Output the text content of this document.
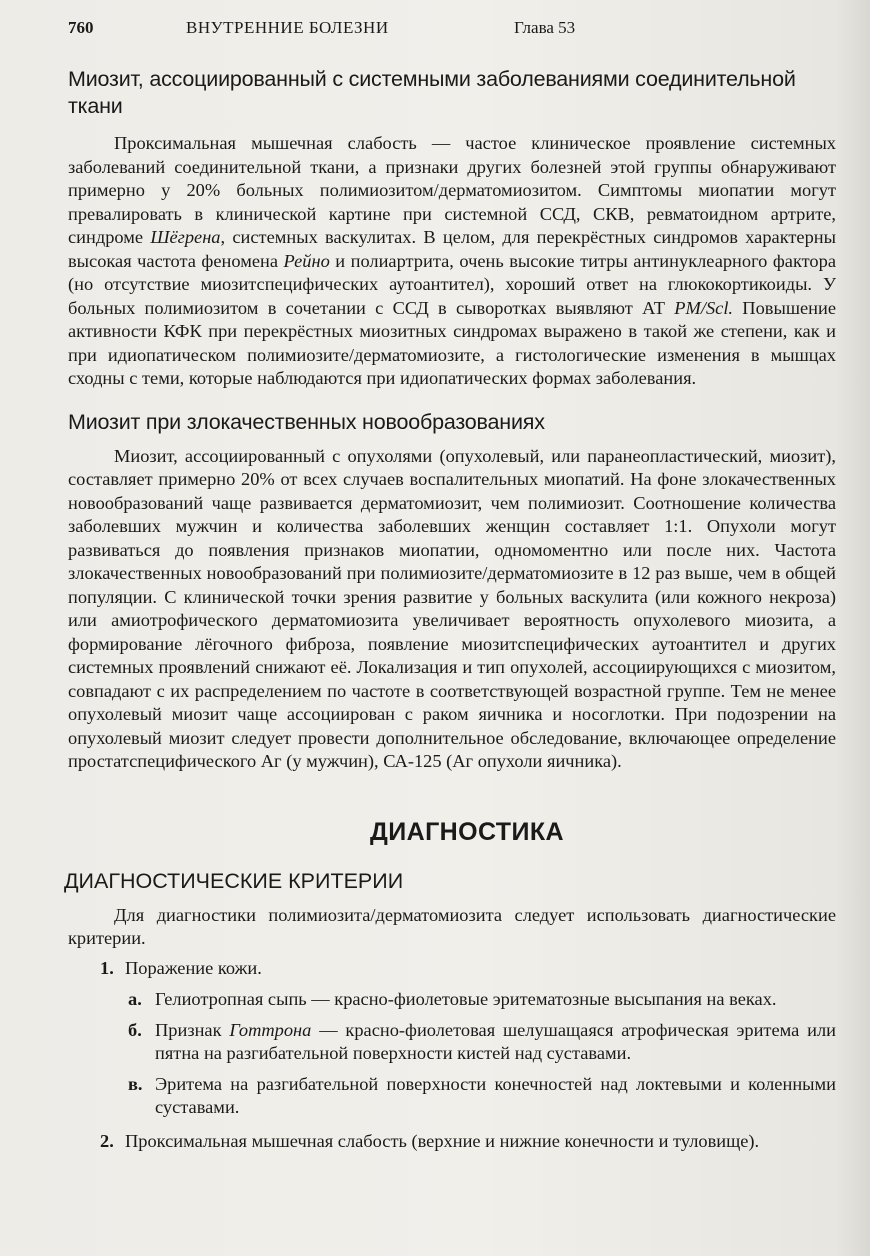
760	ВНУТРЕННИЕ БОЛЕЗНИ	Глава 53
Миозит, ассоциированный с системными заболеваниями соединительной ткани

Проксимальная мышечная слабость — частое клиническое проявление системных заболеваний соединительной ткани, а признаки других болезней этой группы обнаруживают примерно у 20% больных полимиозитом/дерматомиозитом. Симптомы миопатии могут превалировать в клинической картине при системной ССД, СКВ, ревматоидном артрите, синдроме Шёгрена, системных васкулитах. В целом, для перекрёстных синдромов характерны высокая частота феномена Рейно и полиартрита, очень высокие титры антинуклеарного фактора (но отсутствие миозитспецифических аутоантител), хороший ответ на глюкокортикоиды. У больных полимиозитом в сочетании с ССД в сыворотках выявляют АТ PM/Scl. Повышение активности КФК при перекрёстных миозитных синдромах выражено в такой же степени, как и при идиопатическом полимиозите/дерматомиозите, а гистологические изменения в мышцах сходны с теми, которые наблюдаются при идиопатических формах заболевания.

Миозит при злокачественных новообразованиях

Миозит, ассоциированный с опухолями (опухолевый, или паранеопластический, миозит), составляет примерно 20% от всех случаев воспалительных миопатий. На фоне злокачественных новообразований чаще развивается дерматомиозит, чем полимиозит. Соотношение количества заболевших мужчин и количества заболевших женщин составляет 1:1. Опухоли могут развиваться до появления признаков миопатии, одномоментно или после них. Частота злокачественных новообразований при полимиозите/дерматомиозите в 12 раз выше, чем в общей популяции. С клинической точки зрения развитие у больных васкулита (или кожного некроза) или амиотрофического дерматомиозита увеличивает вероятность опухолевого миозита, а формирование лёгочного фиброза, появление миозитспецифических аутоантител и других системных проявлений снижают её. Локализация и тип опухолей, ассоциирующихся с миозитом, совпадают с их распределением по частоте в соответствующей возрастной группе. Тем не менее опухолевый миозит чаще ассоциирован с раком яичника и носоглотки. При подозрении на опухолевый миозит следует провести дополнительное обследование, включающее определение простатспецифического Аг (у мужчин), СА-125 (Аг опухоли яичника).

ДИАГНОСТИКА
ДИАГНОСТИЧЕСКИЕ КРИТЕРИИ

Для диагностики полимиозита/дерматомиозита следует использовать диагностические критерии.

1. Поражение кожи.
а. Гелиотропная сыпь — красно-фиолетовые эритематозные высыпания на веках.
б. Признак Готтрона — красно-фиолетовая шелушащаяся атрофическая эритема или пятна на разгибательной поверхности кистей над суставами.
в. Эритема на разгибательной поверхности конечностей над локтевыми и коленными суставами.
2. Проксимальная мышечная слабость (верхние и нижние конечности и туловище).
